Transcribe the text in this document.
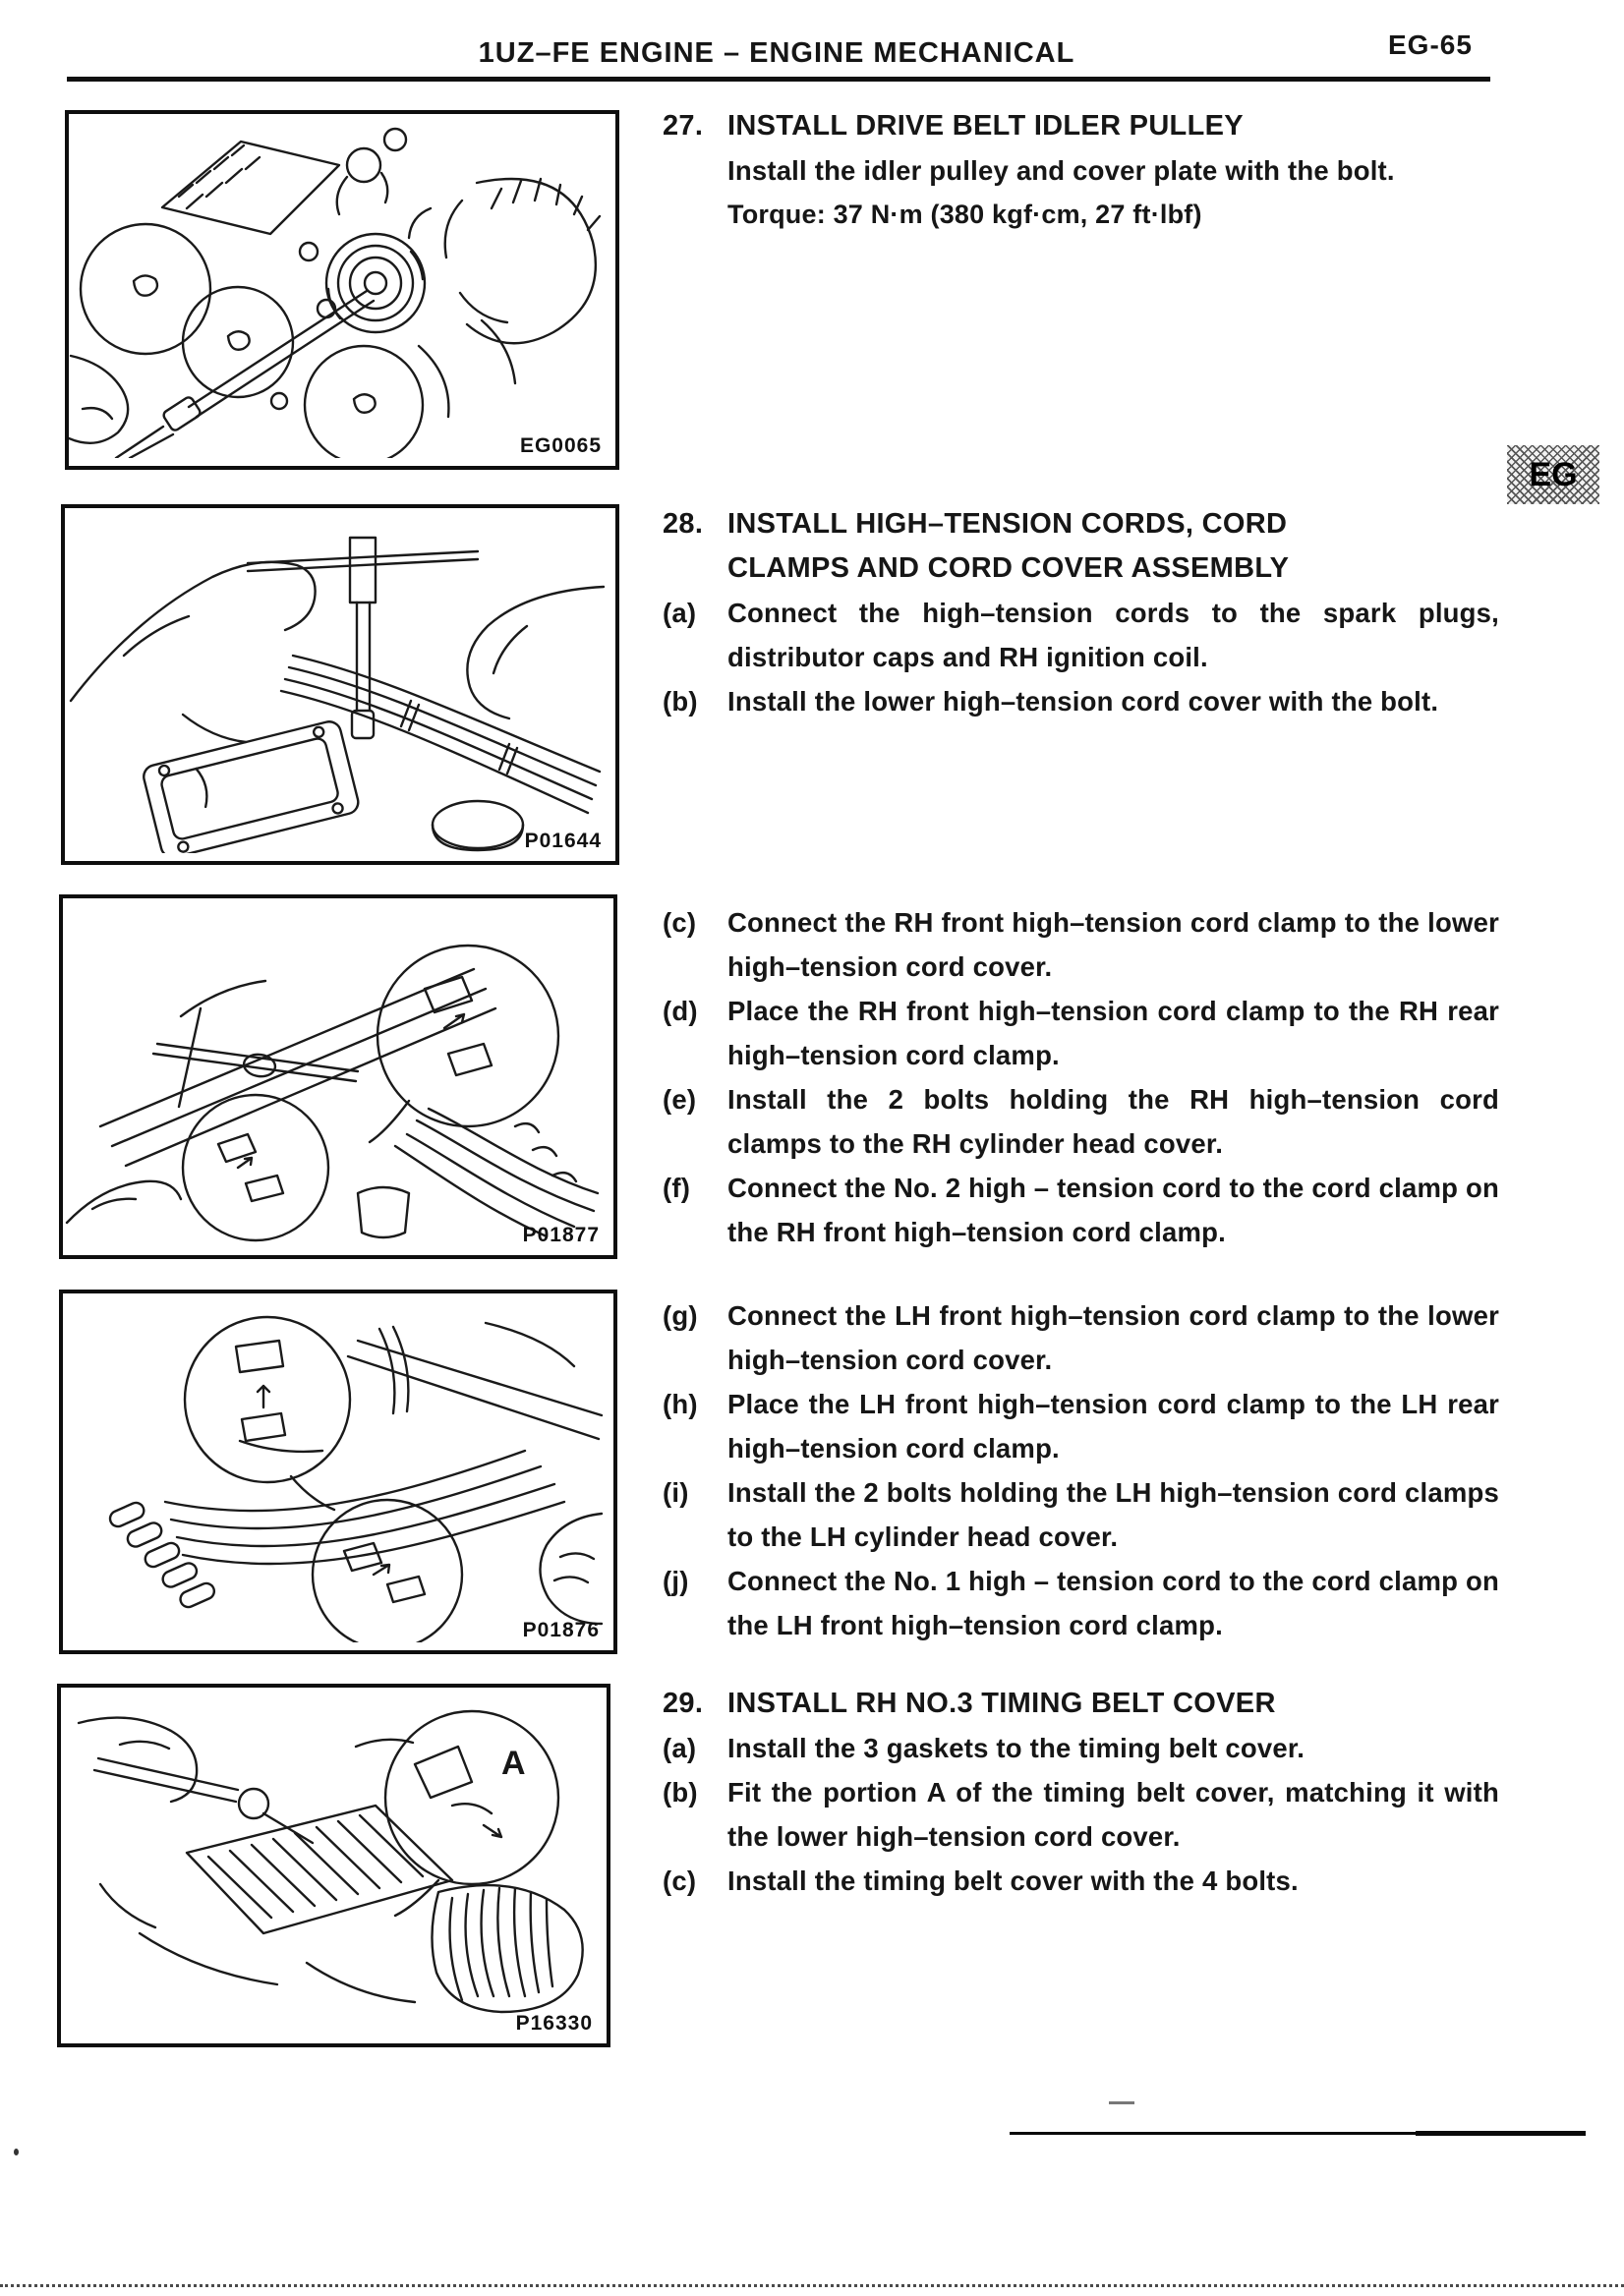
1UZ–FE ENGINE – ENGINE MECHANICAL	EG-65
EG
EG0065
P01644
P01877
P01876
A
P16330
27. INSTALL DRIVE BELT IDLER PULLEY
Install the idler pulley and cover plate with the bolt.
Torque: 37 N·m (380 kgf·cm, 27 ft·lbf)
28. INSTALL HIGH–TENSION CORDS, CORD CLAMPS AND CORD COVER ASSEMBLY
(a)	Connect the high–tension cords to the spark plugs, distributor caps and RH ignition coil.
(b)	Install the lower high–tension cord cover with the bolt.
(c)	Connect the RH front high–tension cord clamp to the lower high–tension cord cover.
(d)	Place the RH front high–tension cord clamp to the RH rear high–tension cord clamp.
(e)	Install the 2 bolts holding the RH high–tension cord clamps to the RH cylinder head cover.
(f)	Connect the No. 2 high – tension cord to the cord clamp on the RH front high–tension cord clamp.
(g)	Connect the LH front high–tension cord clamp to the lower high–tension cord cover.
(h)	Place the LH front high–tension cord clamp to the LH rear high–tension cord clamp.
(i)	Install the 2 bolts holding the LH high–tension cord clamps to the LH cylinder head cover.
(j)	Connect the No. 1 high – tension cord to the cord clamp on the LH front high–tension cord clamp.
29. INSTALL RH NO.3 TIMING BELT COVER
(a)	Install the 3 gaskets to the timing belt cover.
(b)	Fit the portion A of the timing belt cover, matching it with the lower high–tension cord cover.
(c)	Install the timing belt cover with the 4 bolts.
